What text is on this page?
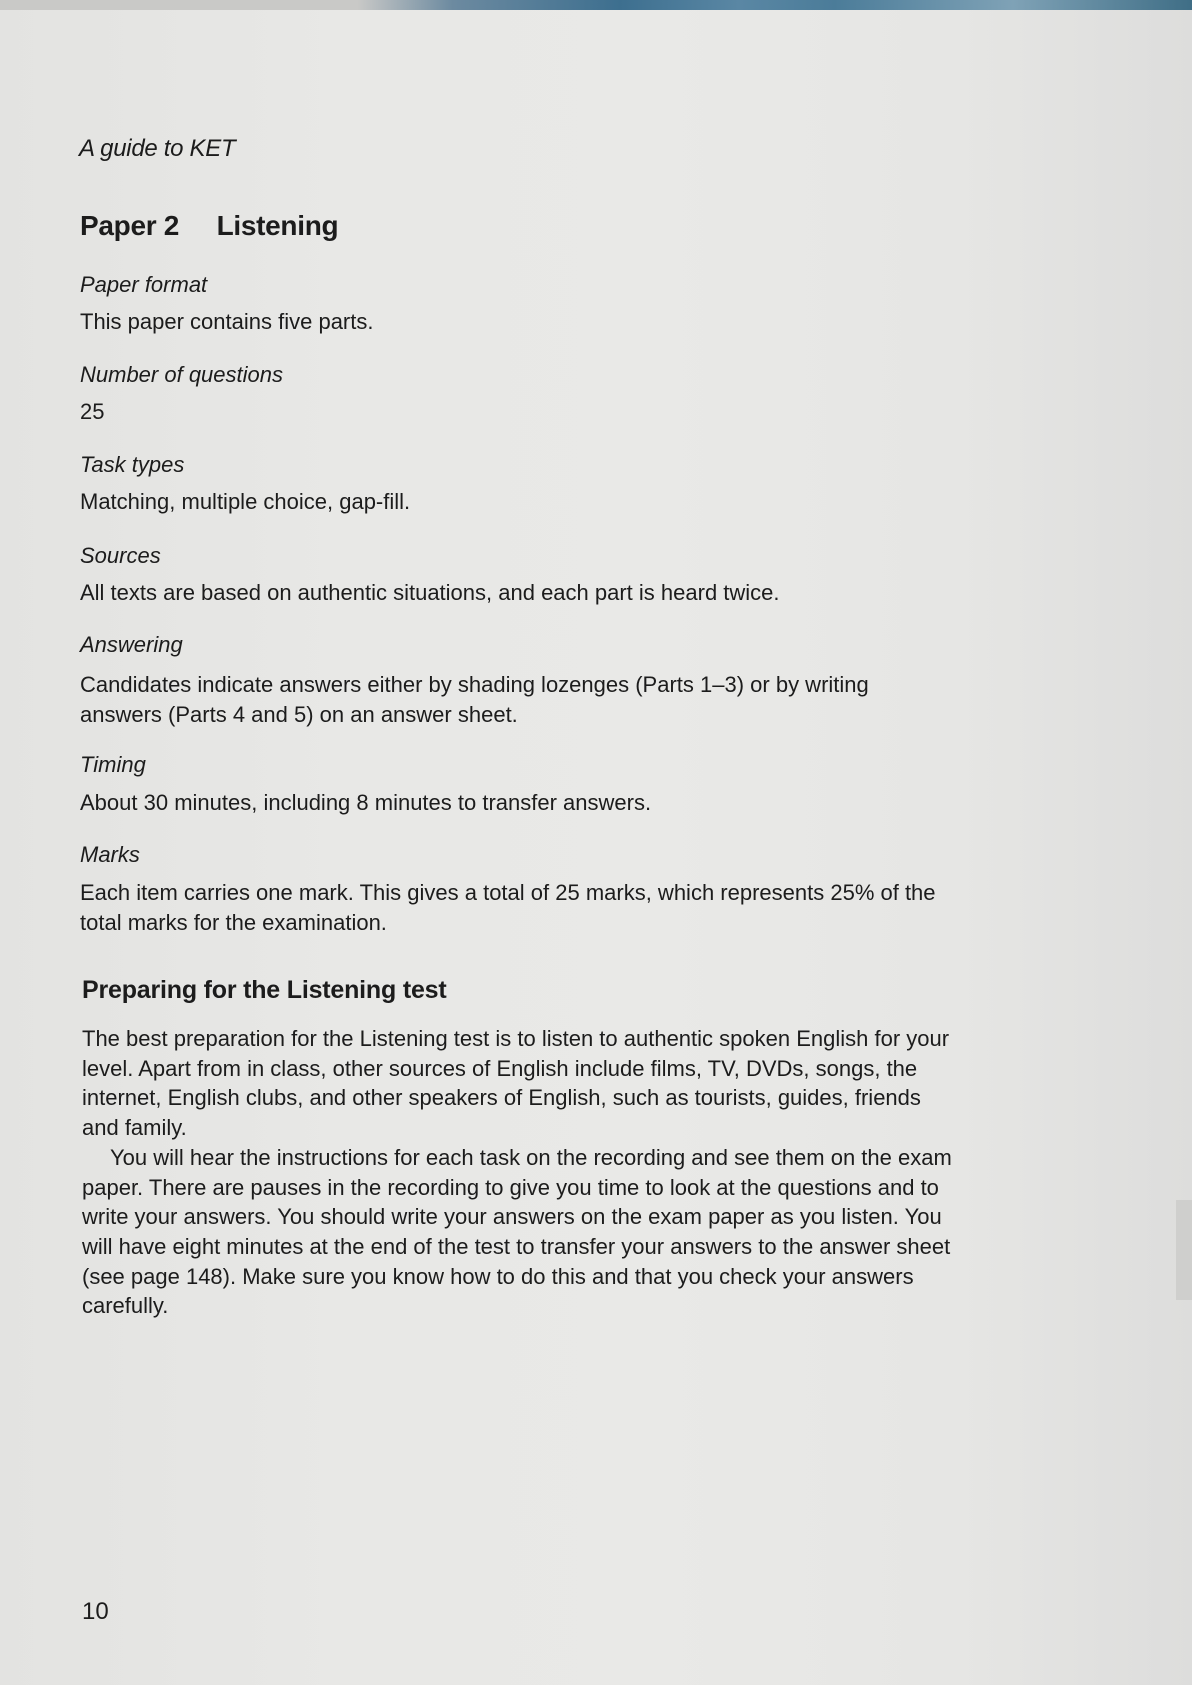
A guide to KET
Paper 2 Listening
Paper format
This paper contains five parts.
Number of questions
25
Task types
Matching, multiple choice, gap-fill.
Sources
All texts are based on authentic situations, and each part is heard twice.
Answering
Candidates indicate answers either by shading lozenges (Parts 1–3) or by writing answers (Parts 4 and 5) on an answer sheet.
Timing
About 30 minutes, including 8 minutes to transfer answers.
Marks
Each item carries one mark. This gives a total of 25 marks, which represents 25% of the total marks for the examination.
Preparing for the Listening test

The best preparation for the Listening test is to listen to authentic spoken English for your level. Apart from in class, other sources of English include films, TV, DVDs, songs, the internet, English clubs, and other speakers of English, such as tourists, guides, friends and family.

You will hear the instructions for each task on the recording and see them on the exam paper. There are pauses in the recording to give you time to look at the questions and to write your answers. You should write your answers on the exam paper as you listen. You will have eight minutes at the end of the test to transfer your answers to the answer sheet (see page 148). Make sure you know how to do this and that you check your answers carefully.

10
